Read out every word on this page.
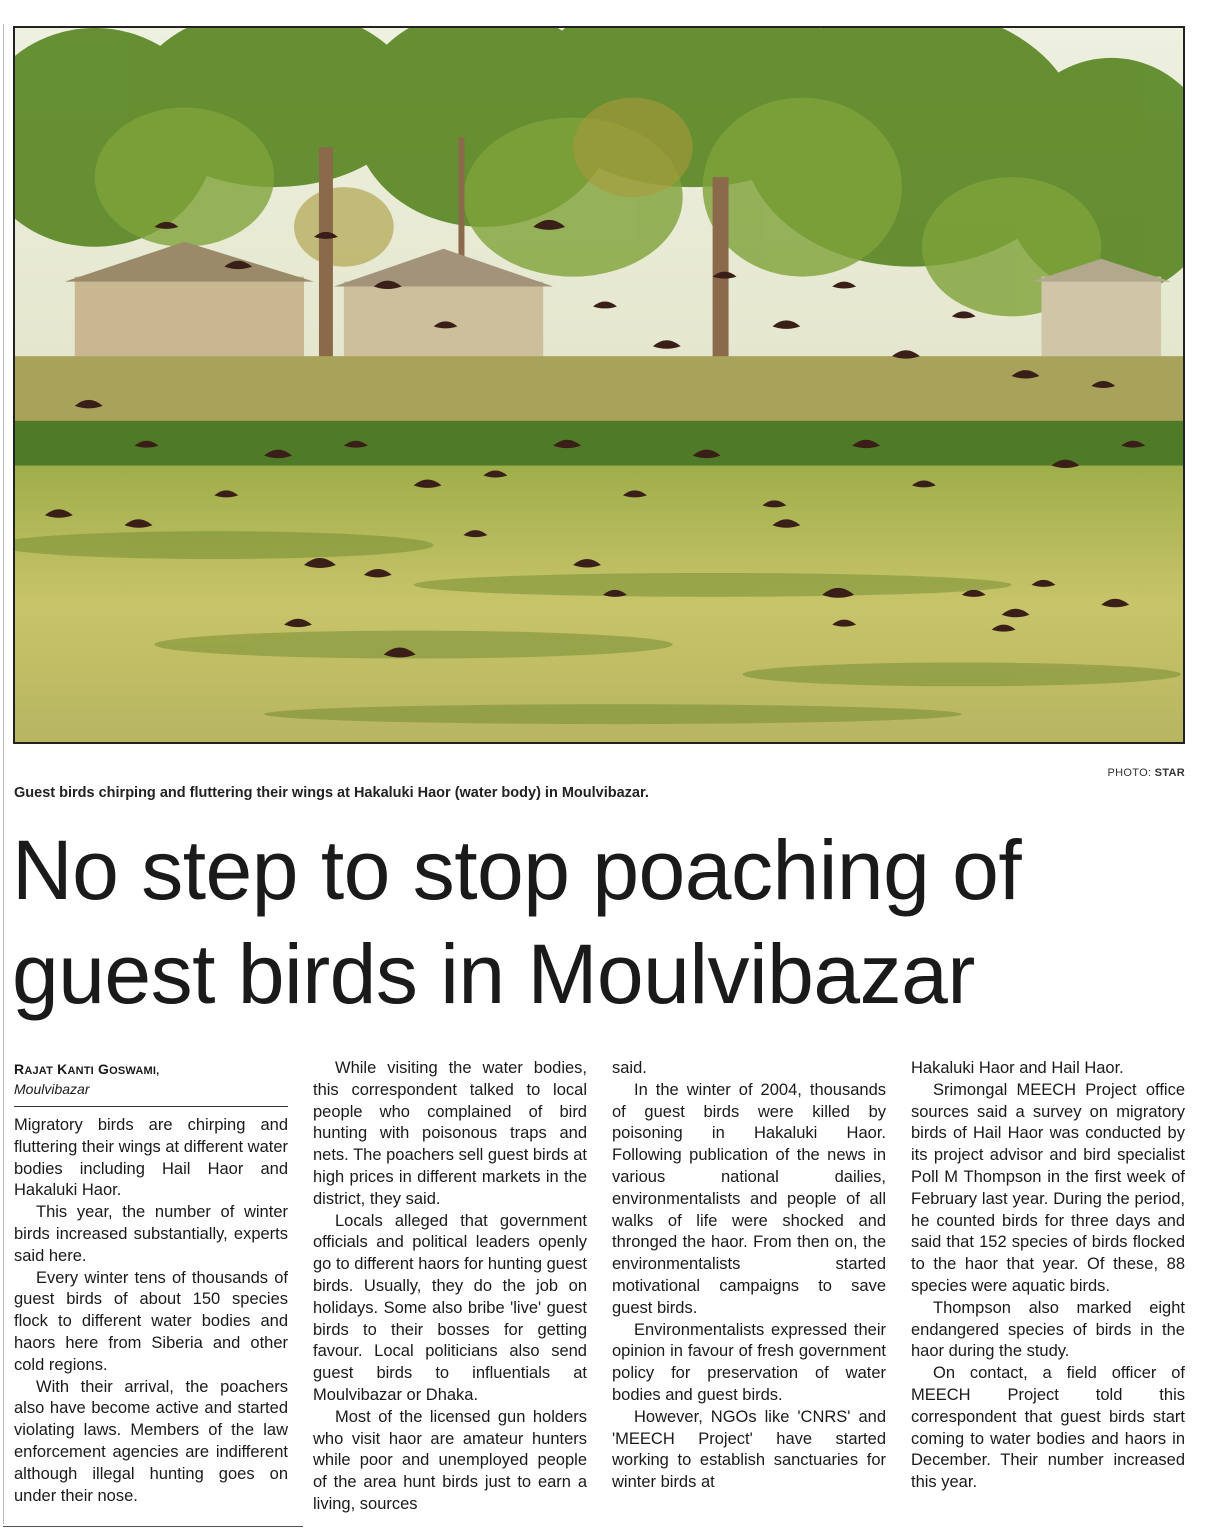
PHOTO: STAR
Guest birds chirping and fluttering their wings at Hakaluki Haor (water body) in Moulvibazar.
No step to stop poaching of
guest birds in Moulvibazar
RAJAT KANTI GOSWAMI,
Moulvibazar

Migratory birds are chirping and fluttering their wings at different water bodies including Hail Haor and Hakaluki Haor.

This year, the number of winter birds increased substantially, experts said here.

Every winter tens of thousands of guest birds of about 150 species flock to different water bodies and haors here from Siberia and other cold regions.

With their arrival, the poachers also have become active and started violating laws. Members of the law enforcement agencies are indifferent although illegal hunting goes on under their nose.

While visiting the water bodies, this correspondent talked to local people who complained of bird hunting with poisonous traps and nets. The poachers sell guest birds at high prices in different markets in the district, they said.

Locals alleged that government officials and political leaders openly go to different haors for hunting guest birds. Usually, they do the job on holidays. Some also bribe 'live' guest birds to their bosses for getting favour. Local politicians also send guest birds to influentials at Moulvibazar or Dhaka.

Most of the licensed gun holders who visit haor are amateur hunters while poor and unemployed people of the area hunt birds just to earn a living, sources

said.

In the winter of 2004, thousands of guest birds were killed by poisoning in Hakaluki Haor. Following publication of the news in various national dailies, environmentalists and people of all walks of life were shocked and thronged the haor. From then on, the environmentalists started motivational campaigns to save guest birds.

Environmentalists expressed their opinion in favour of fresh government policy for preservation of water bodies and guest birds.

However, NGOs like 'CNRS' and 'MEECH Project' have started working to establish sanctuaries for winter birds at

Hakaluki Haor and Hail Haor.

Srimongal MEECH Project office sources said a survey on migratory birds of Hail Haor was conducted by its project advisor and bird specialist Poll M Thompson in the first week of February last year. During the period, he counted birds for three days and said that 152 species of birds flocked to the haor that year. Of these, 88 species were aquatic birds.

Thompson also marked eight endangered species of birds in the haor during the study.

On contact, a field officer of MEECH Project told this correspondent that guest birds start coming to water bodies and haors in December. Their number increased this year.
